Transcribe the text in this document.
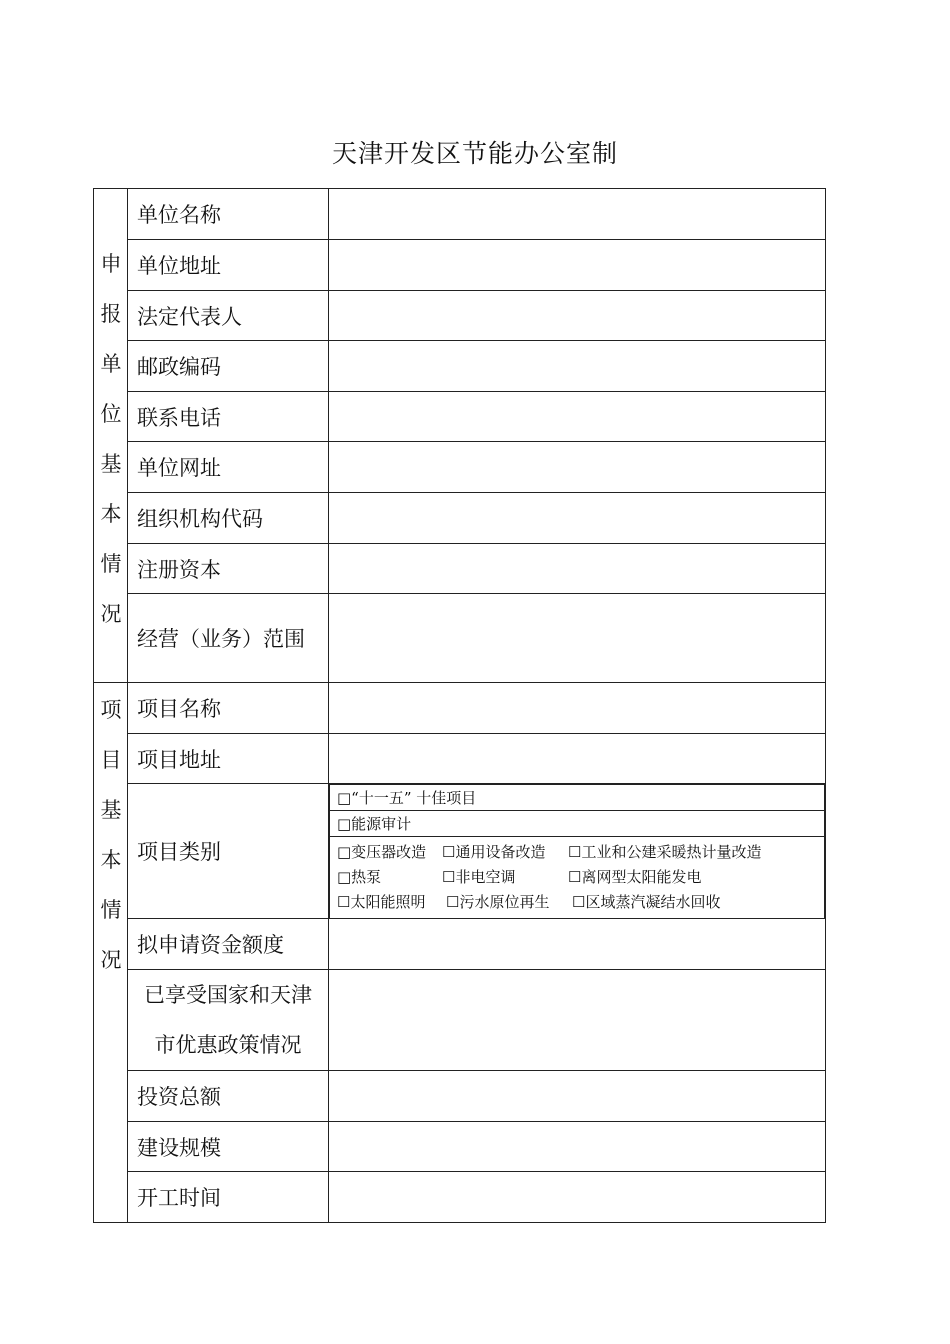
天津开发区节能办公室制
申
报
单
位
基
本
情
况
	单位名称	
单位地址	
法定代表人	
邮政编码	
联系电话	
单位网址	
组织机构代码	
注册资本	
经营（业务）范围	

项
目
基
本
情
况
	项目名称	
项目地址	
项目类别	
□“十一五” 十佳项目
□能源审计

□变压器改造	☐通用设备改造	☐工业和公建采暖热计量改造
□热泵	☐非电空调	☐离网型太阳能发电
☐太阳能照明	☐污水原位再生	☐区域蒸汽凝结水回收

拟申请资金额度	

已享受国家和天津
市优惠政策情况

投资总额	
建设规模	
开工时间	
